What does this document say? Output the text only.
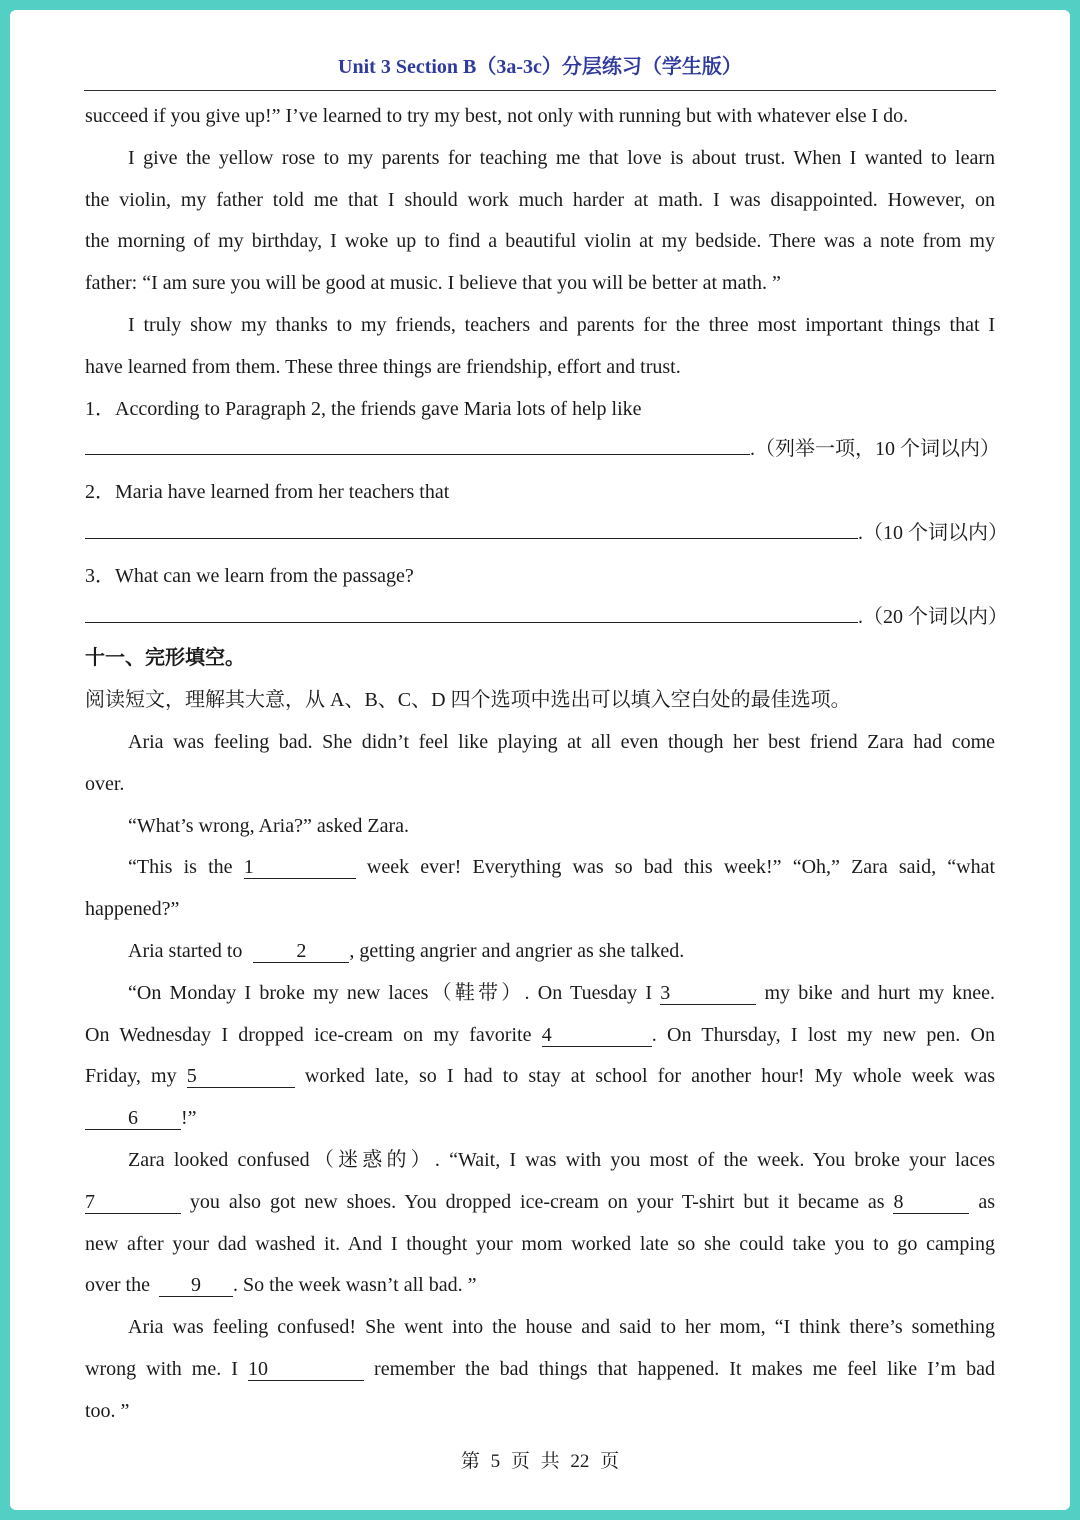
Unit 3 Section B（3a-3c）分层练习（学生版）
succeed if you give up!” I’ve learned to try my best, not only with running but with whatever else I do.
I give the yellow rose to my parents for teaching me that love is about trust. When I wanted to learn
the violin, my father told me that I should work much harder at math. I was disappointed. However, on
the morning of my birthday, I woke up to find a beautiful violin at my bedside. There was a note from my
father: “I am sure you will be good at music. I believe that you will be better at math. ”
I truly show my thanks to my friends, teachers and parents for the three most important things that I
have learned from them. These three things are friendship, effort and trust.
1．According to Paragraph 2, the friends gave Maria lots of help like
.（列举一项，10 个词以内）
2．Maria have learned from her teachers that
.（10 个词以内）
3．What can we learn from the passage?
.（20 个词以内）
十一、完形填空。
阅读短文，理解其大意，从 A、B、C、D 四个选项中选出可以填入空白处的最佳选项。
Aria was feeling bad. She didn’t feel like playing at all even though her best friend Zara had come
over.
“What’s wrong, Aria?” asked Zara.
“This is the 1	week ever! Everything was so bad this week!” “Oh,” Zara said, “what
happened?”
Aria started to	2 , getting angrier and angrier as she talked.
“On Monday I broke my new laces（鞋带）. On Tuesday I 3	my bike and hurt my knee.
On Wednesday I dropped ice-cream on my favorite 4	. On Thursday, I lost my new pen. On
Friday, my 5	worked late, so I had to stay at school for another hour! My whole week was
6 !”
Zara looked confused（迷惑的）. “Wait, I was with you most of the week. You broke your laces
7	you also got new shoes. You dropped ice-cream on your T-shirt but it became as 8	as
new after your dad washed it. And I thought your mom worked late so she could take you to go camping
over the 9 . So the week wasn’t all bad. ”
Aria was feeling confused! She went into the house and said to her mom, “I think there’s something
wrong with me. I 10	remember the bad things that happened. It makes me feel like I’m bad
too. ”
第 5 页 共 22 页
